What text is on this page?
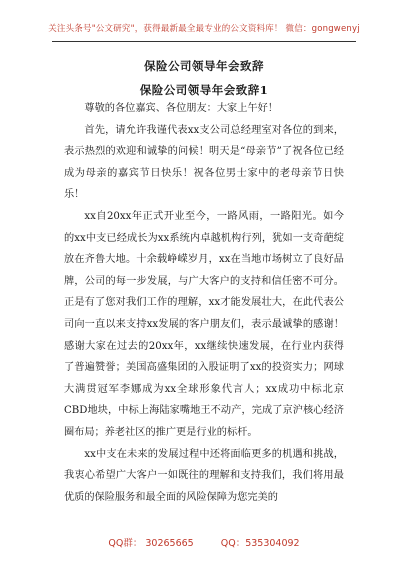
关注头条号"公文研究"，获得最新最全最专业的公文资料库！ 微信：gongwenyj
保险公司领导年会致辞
保险公司领导年会致辞1

尊敬的各位嘉宾、各位朋友：大家上午好！

首先，请允许我谨代表xx支公司总经理室对各位的到来，表示热烈的欢迎和诚挚的问候！明天是“母亲节”了祝各位已经成为母亲的嘉宾节日快乐！祝各位男士家中的老母亲节日快乐！

xx自20xx年正式开业至今，一路风雨，一路阳光。如今的xx中支已经成长为xx系统内卓越机构行列，犹如一支奇葩绽放在齐鲁大地。十余载峥嵘岁月，xx在当地市场树立了良好品牌，公司的每一步发展，与广大客户的支持和信任密不可分。正是有了您对我们工作的理解，xx才能发展壮大，在此代表公司向一直以来支持xx发展的客户朋友们，表示最诚挚的感谢！感谢大家在过去的20xx年，xx继续快速发展，在行业内获得了普遍赞誉；美国高盛集团的入股证明了xx的投资实力；网球大满贯冠军李娜成为xx全球形象代言人；xx成功中标北京CBD地块，中标上海陆家嘴地王不动产，完成了京沪核心经济圈布局；养老社区的推广更是行业的标杆。

xx中支在未来的发展过程中还将面临更多的机遇和挑战，我衷心希望广大客户一如既往的理解和支持我们，我们将用最优质的保险服务和最全面的风险保障为您完美的

QQ群： 30265665	QQ：535304092
